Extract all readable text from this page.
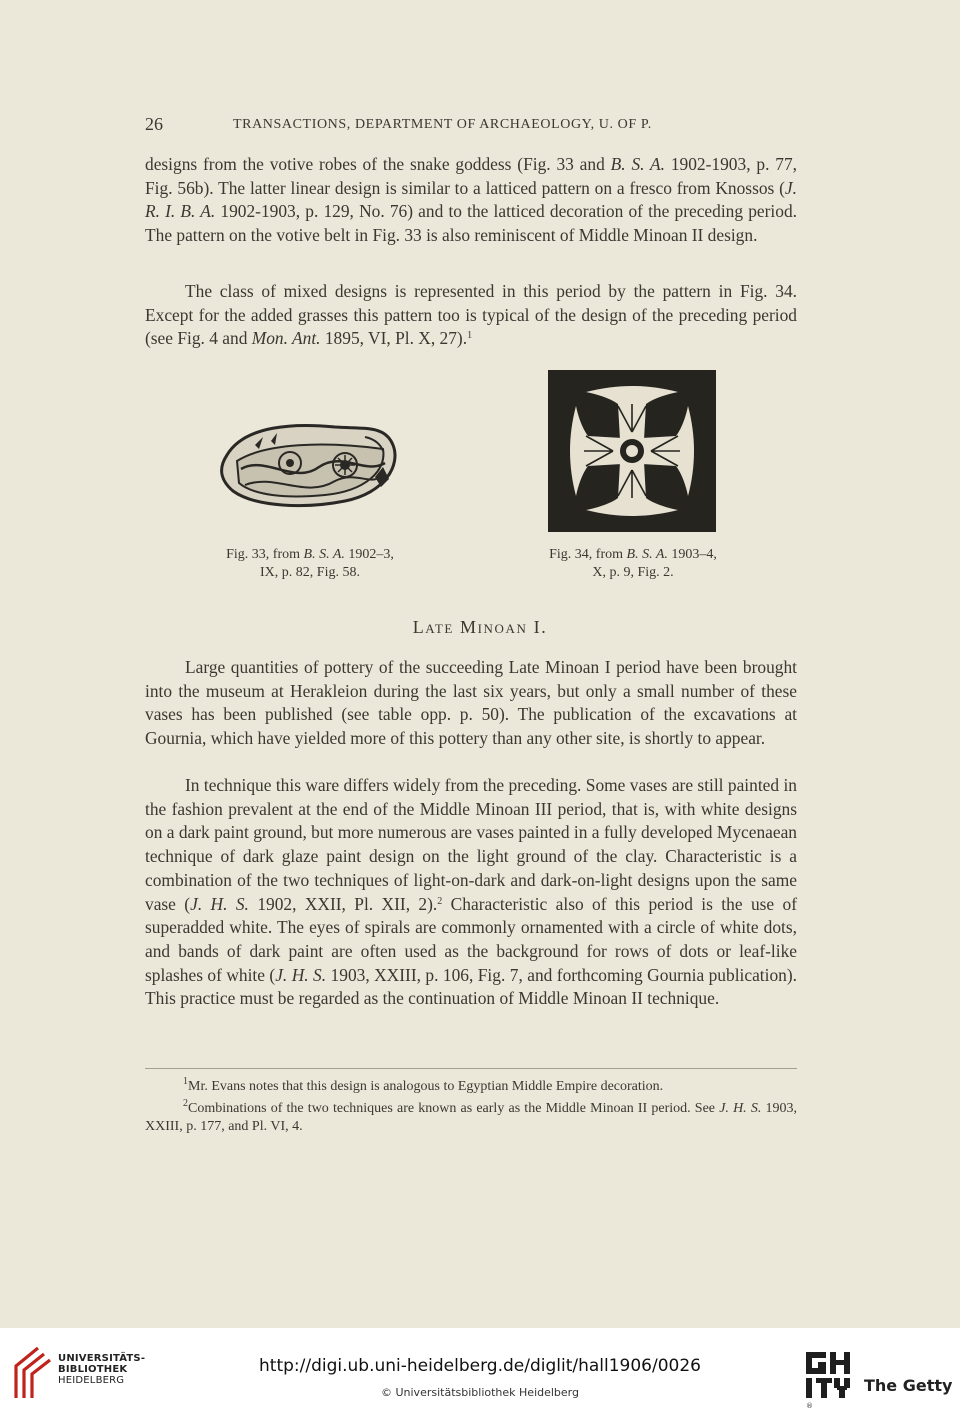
26	TRANSACTIONS, DEPARTMENT OF ARCHAEOLOGY, U. OF P.

designs from the votive robes of the snake goddess (Fig. 33 and B. S. A. 1902-1903, p. 77, Fig. 56b). The latter linear design is similar to a latticed pattern on a fresco from Knossos (J. R. I. B. A. 1902-1903, p. 129, No. 76) and to the latticed decoration of the preceding period. The pattern on the votive belt in Fig. 33 is also reminiscent of Middle Minoan II design.

The class of mixed designs is represented in this period by the pattern in Fig. 34. Except for the added grasses this pattern too is typical of the design of the preceding period (see Fig. 4 and Mon. Ant. 1895, VI, Pl. X, 27).$^1$

Fig. 33, from B. S. A. 1902–3,
IX, p. 82, Fig. 58.
Fig. 34, from B. S. A. 1903–4,
X, p. 9, Fig. 2.
Late Minoan I.

Large quantities of pottery of the succeeding Late Minoan I period have been brought into the museum at Herakleion during the last six years, but only a small number of these vases has been published (see table opp. p. 50). The publication of the excavations at Gournia, which have yielded more of this pottery than any other site, is shortly to appear.

In technique this ware differs widely from the preceding. Some vases are still painted in the fashion prevalent at the end of the Middle Minoan III period, that is, with white designs on a dark paint ground, but more numerous are vases painted in a fully developed Mycenaean technique of dark glaze paint design on the light ground of the clay. Characteristic is a combination of the two techniques of light-on-dark and dark-on-light designs upon the same vase (J. H. S. 1902, XXII, Pl. XII, 2).$^2$ Characteristic also of this period is the use of superadded white. The eyes of spirals are commonly ornamented with a circle of white dots, and bands of dark paint are often used as the background for rows of dots or leaf-like splashes of white (J. H. S. 1903, XXIII, p. 106, Fig. 7, and forthcoming Gournia publication). This practice must be regarded as the continuation of Middle Minoan II technique.

$^1$Mr. Evans notes that this design is analogous to Egyptian Middle Empire decoration.

$^2$Combinations of the two techniques are known as early as the Middle Minoan II period. See J. H. S. 1903, XXIII, p. 177, and Pl. VI, 4.

UNIVERSITÄTS-
BIBLIOTHEK
HEIDELBERG
http://digi.ub.uni-heidelberg.de/diglit/hall1906/0026
© Universitätsbibliothek Heidelberg	The Getty
®
